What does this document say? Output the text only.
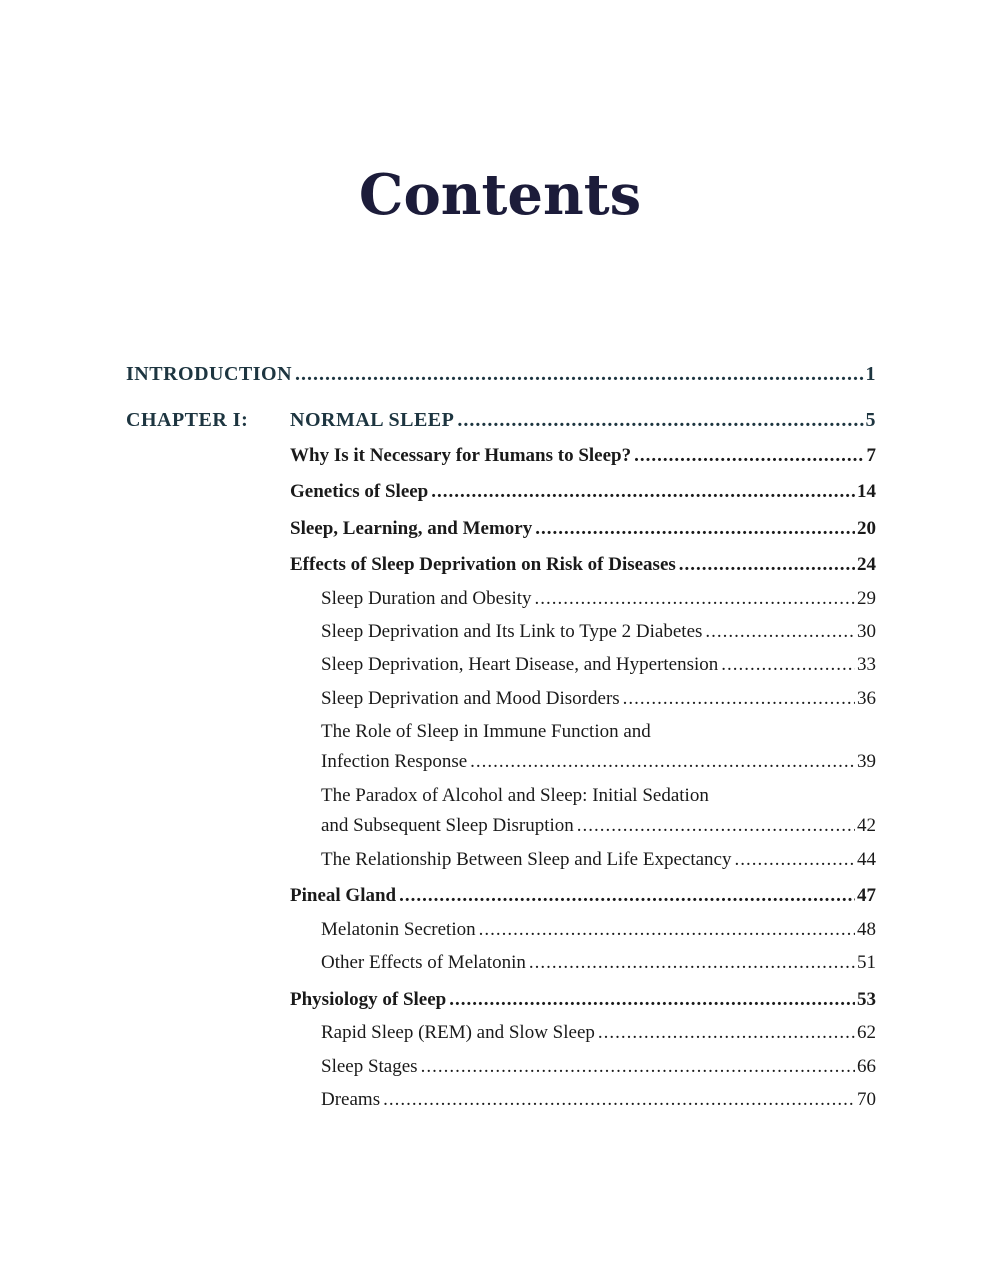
Contents
INTRODUCTION .....	1
CHAPTER I: NORMAL SLEEP .....	5
Why Is it Necessary for Humans to Sleep? .....	7
Genetics of Sleep .....	14
Sleep, Learning, and Memory .....	20
Effects of Sleep Deprivation on Risk of Diseases .....	24
Sleep Duration and Obesity .....	29
Sleep Deprivation and Its Link to Type 2 Diabetes .....	30
Sleep Deprivation, Heart Disease, and Hypertension .....	33
Sleep Deprivation and Mood Disorders .....	36
The Role of Sleep in Immune Function and
Infection Response .....	39
The Paradox of Alcohol and Sleep: Initial Sedation
and Subsequent Sleep Disruption .....	42
The Relationship Between Sleep and Life Expectancy .....	44
Pineal Gland .....	47
Melatonin Secretion .....	48
Other Effects of Melatonin .....	51
Physiology of Sleep .....	53
Rapid Sleep (REM) and Slow Sleep .....	62
Sleep Stages .....	66
Dreams .....	70
